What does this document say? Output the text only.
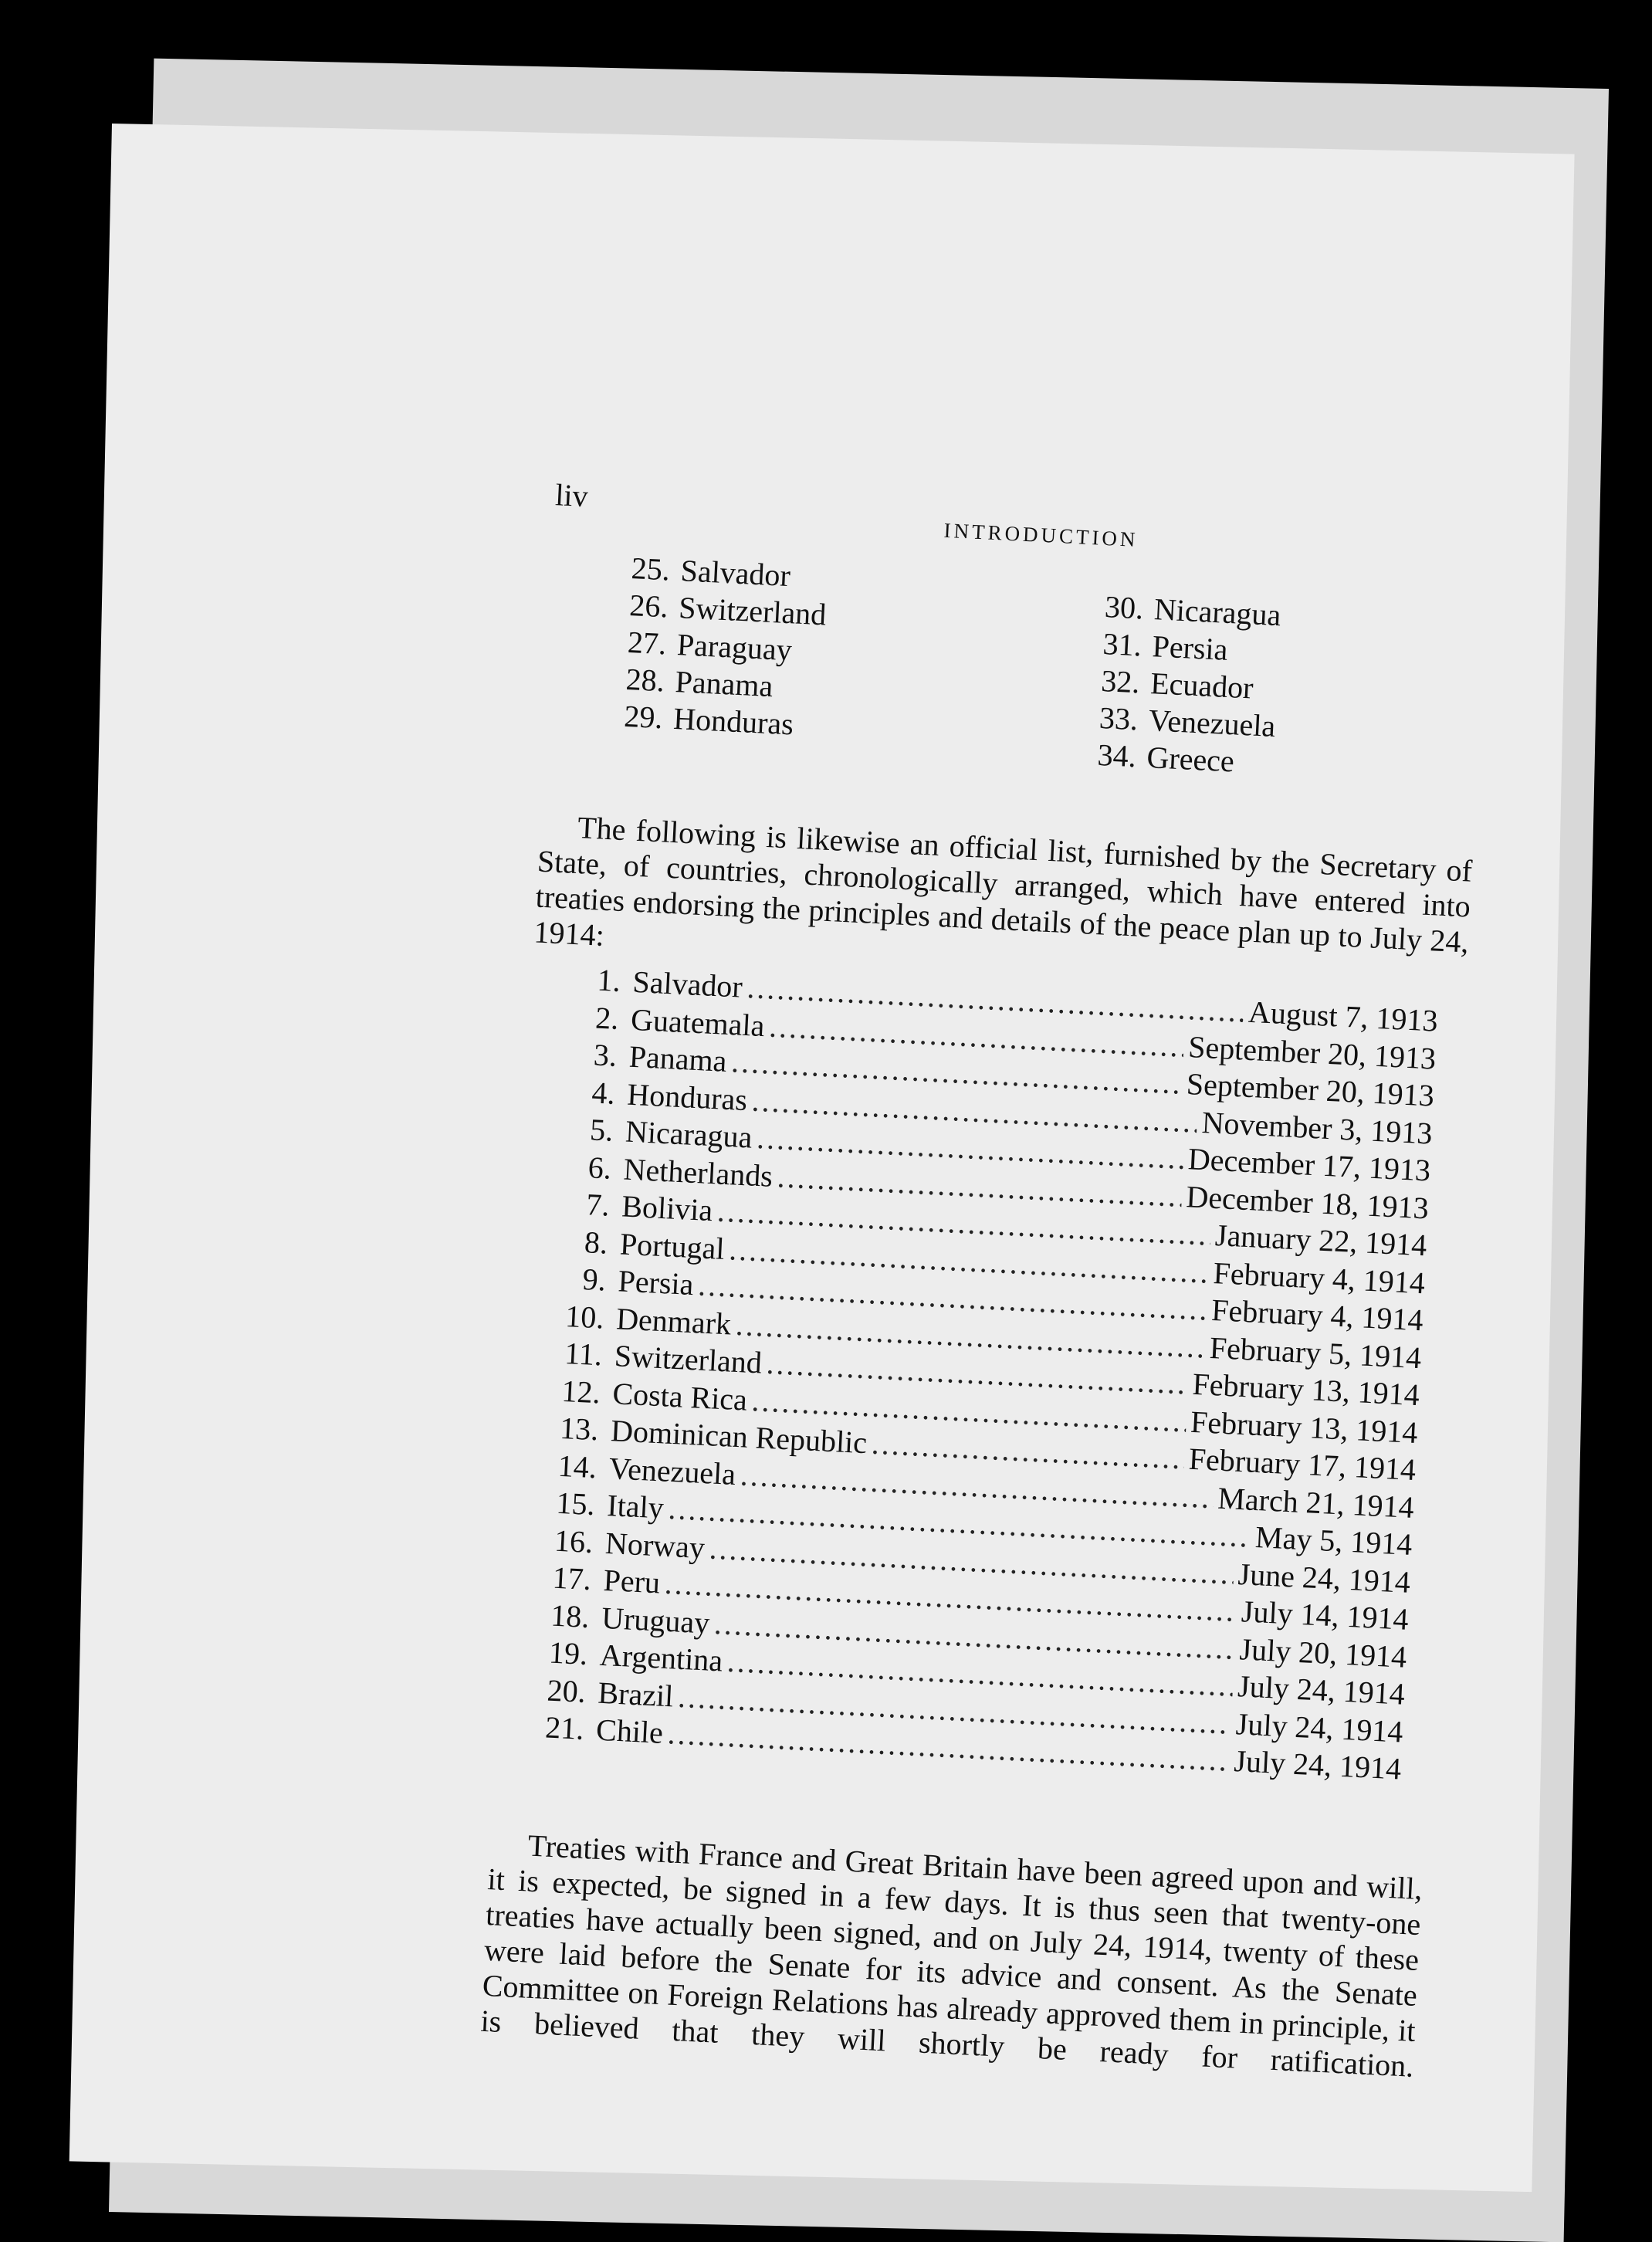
liv
INTRODUCTION
25. Salvador
26. Switzerland
27. Paraguay
28. Panama
29. Honduras
30. Nicaragua
31. Persia
32. Ecuador
33. Venezuela
34. Greece

The following is likewise an official list, furnished by the Secretary of State, of countries, chronologically arranged, which have entered into treaties endorsing the principles and details of the peace plan up to July 24, 1914:

1. Salvador
.....
August 7, 1913
2. Guatemala
.....
September 20, 1913
3. Panama
.....
September 20, 1913
4. Honduras
.....
November 3, 1913
5. Nicaragua
.....
December 17, 1913
6. Netherlands
.....
December 18, 1913
7. Bolivia
.....
January 22, 1914
8. Portugal
.....
February 4, 1914
9. Persia
.....
February 4, 1914
10. Denmark
.....
February 5, 1914
11. Switzerland
.....
February 13, 1914
12. Costa Rica
.....
February 13, 1914
13. Dominican Republic
.....
February 17, 1914
14. Venezuela
.....
March 21, 1914
15. Italy
.....
May 5, 1914
16. Norway
.....
June 24, 1914
17. Peru
.....
July 14, 1914
18. Uruguay
.....
July 20, 1914
19. Argentina
.....
July 24, 1914
20. Brazil
.....
July 24, 1914
21. Chile
.....
July 24, 1914

Treaties with France and Great Britain have been agreed upon and will, it is expected, be signed in a few days. It is thus seen that twenty-one treaties have actually been signed, and on July 24, 1914, twenty of these were laid before the Senate for its advice and consent. As the Senate Committee on Foreign Relations has already approved them in principle, it is believed that they will shortly be ready for ratification.
